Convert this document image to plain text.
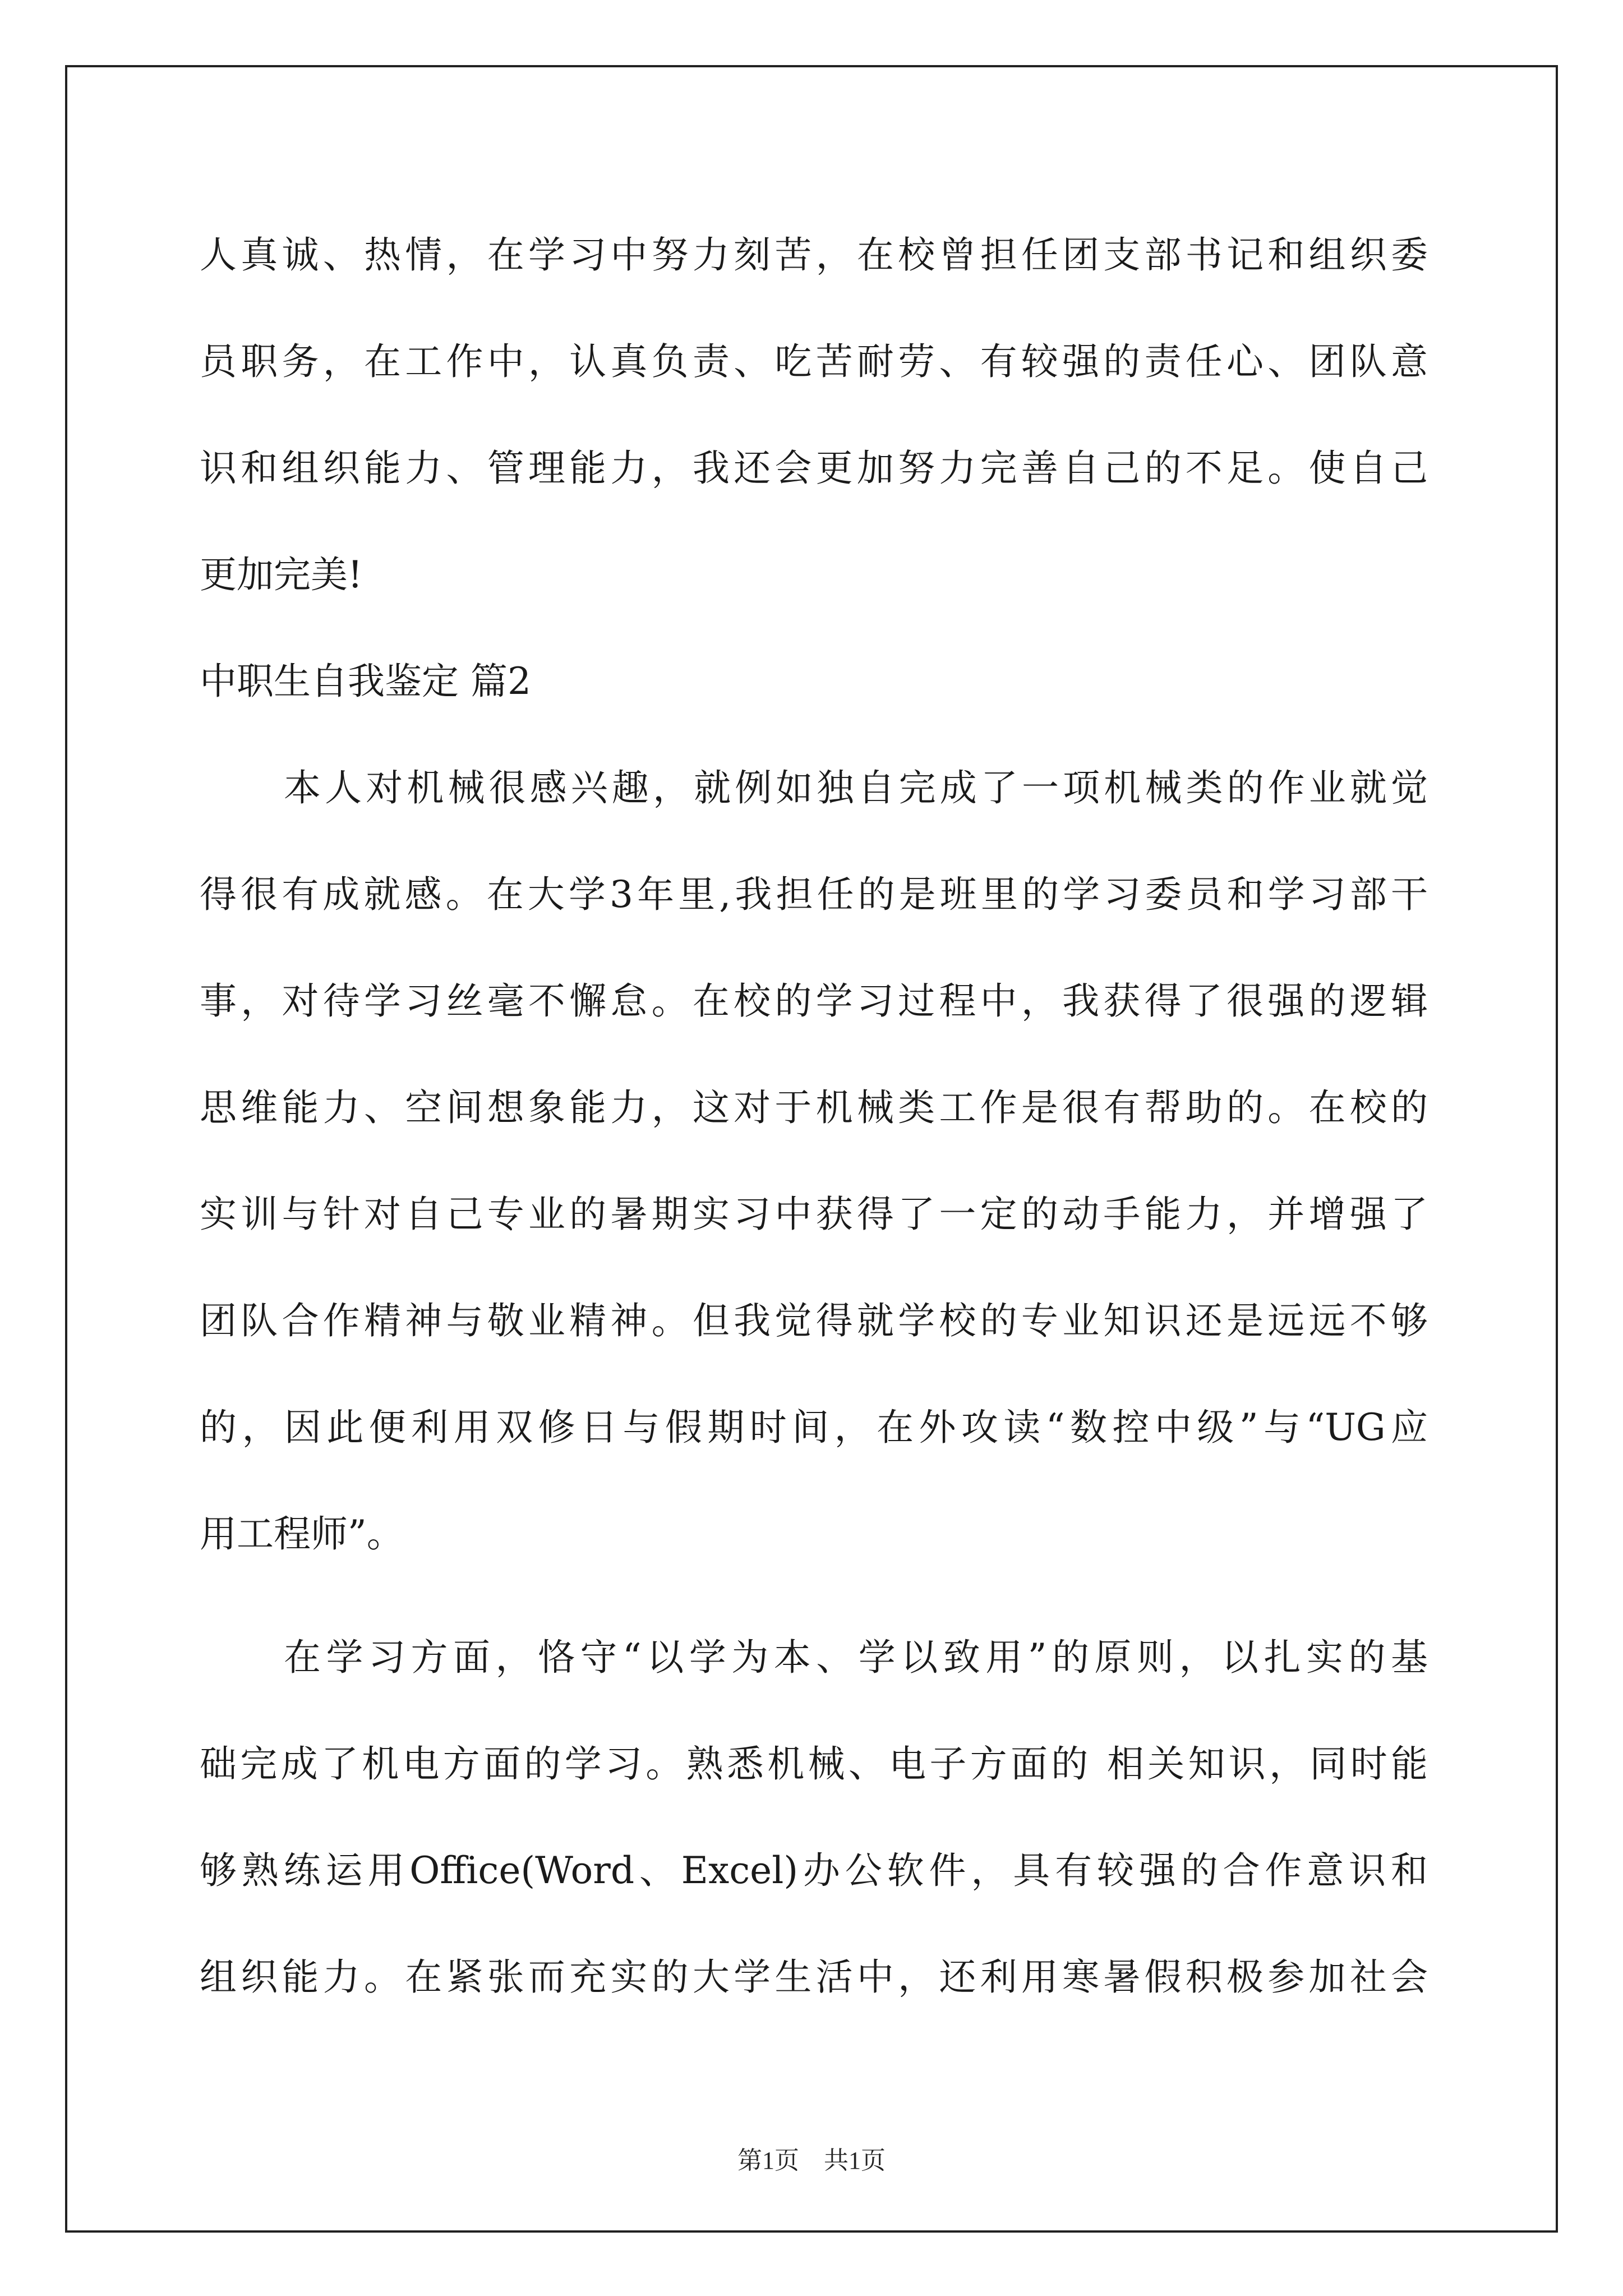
人真诚、热情，在学习中努力刻苦，在校曾担任团支部书记和组织委
员职务，在工作中，认真负责、吃苦耐劳、有较强的责任心、团队意
识和组织能力、管理能力，我还会更加努力完善自己的不足。使自己
更加完美!
中职生自我鉴定 篇2
本人对机械很感兴趣，就例如独自完成了一项机械类的作业就觉
得很有成就感。在大学3年里,我担任的是班里的学习委员和学习部干
事，对待学习丝毫不懈怠。在校的学习过程中，我获得了很强的逻辑
思维能力、空间想象能力，这对于机械类工作是很有帮助的。在校的
实训与针对自己专业的暑期实习中获得了一定的动手能力，并增强了
团队合作精神与敬业精神。但我觉得就学校的专业知识还是远远不够
的，因此便利用双修日与假期时间，在外攻读“数控中级”与“UG应
用工程师”。
在学习方面，恪守“以学为本、学以致用”的原则，以扎实的基
础完成了机电方面的学习。熟悉机械、电子方面的 相关知识，同时能
够熟练运用Office(Word、Excel)办公软件，具有较强的合作意识和
组织能力。在紧张而充实的大学生活中，还利用寒暑假积极参加社会
第1页　共1页
